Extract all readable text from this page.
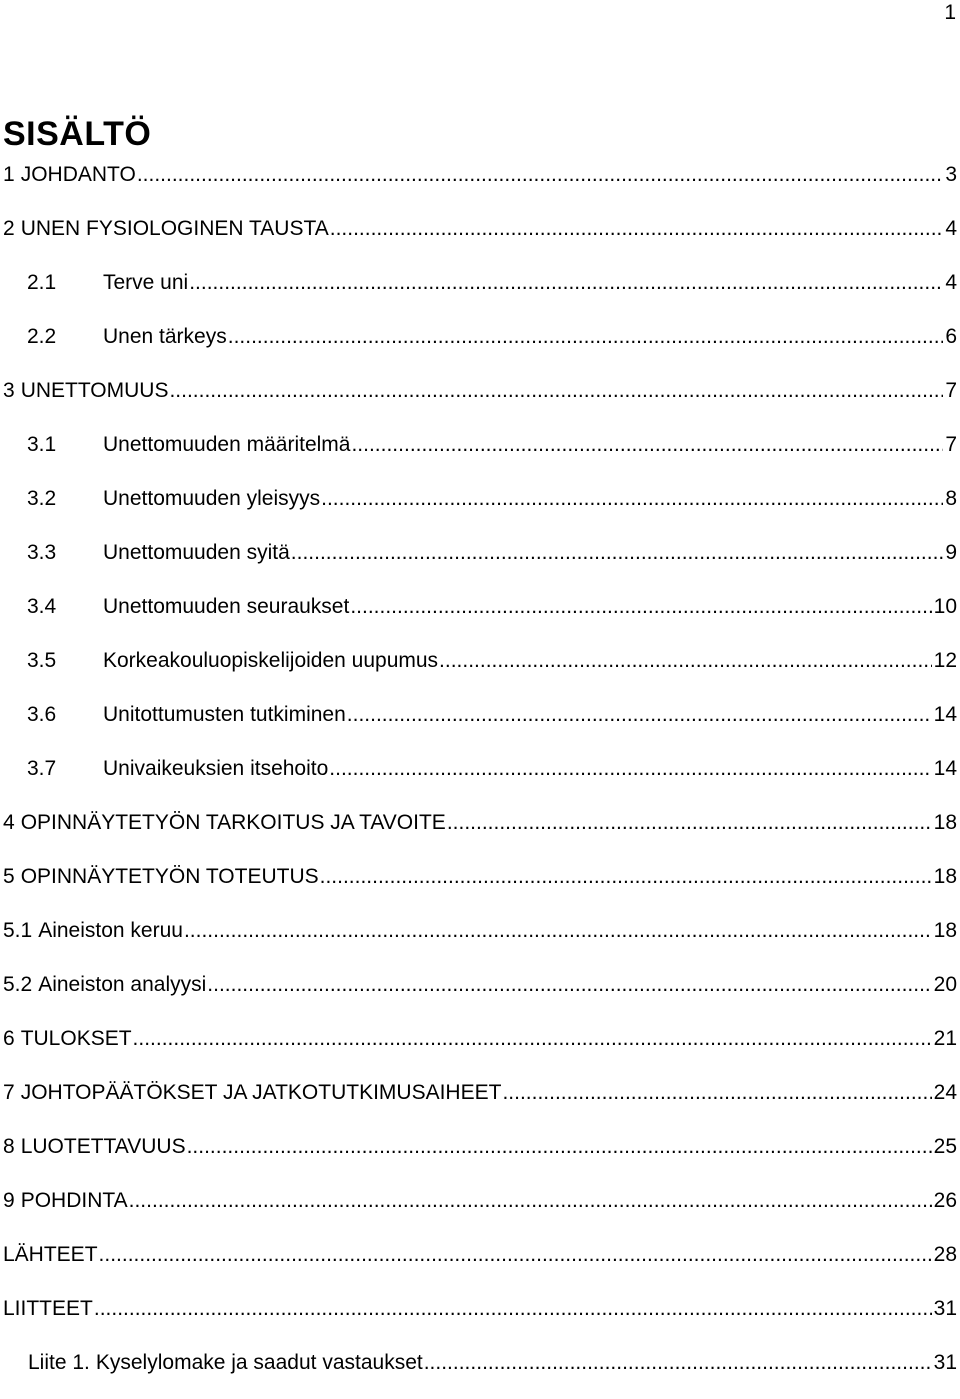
1
SISÄLTÖ
1 JOHDANTO .....	3
2 UNEN FYSIOLOGINEN TAUSTA .....	4
2.1	Terve uni .....	4
2.2	Unen tärkeys .....	6
3 UNETTOMUUS .....	7
3.1	Unettomuuden määritelmä .....	7
3.2	Unettomuuden yleisyys .....	8
3.3	Unettomuuden syitä .....	9
3.4	Unettomuuden seuraukset .....	10
3.5	Korkeakouluopiskelijoiden uupumus .....	12
3.6	Unitottumusten tutkiminen .....	14
3.7	Univaikeuksien itsehoito .....	14
4 OPINNÄYTETYÖN TARKOITUS JA TAVOITE .....	18
5 OPINNÄYTETYÖN TOTEUTUS .....	18
5.1 Aineiston keruu .....	18
5.2 Aineiston analyysi .....	20
6 TULOKSET .....	21
7 JOHTOPÄÄTÖKSET JA JATKOTUTKIMUSAIHEET .....	24
8 LUOTETTAVUUS .....	25
9 POHDINTA .....	26
LÄHTEET .....	28
LIITTEET .....	31
Liite 1. Kyselylomake ja saadut vastaukset .....	31
